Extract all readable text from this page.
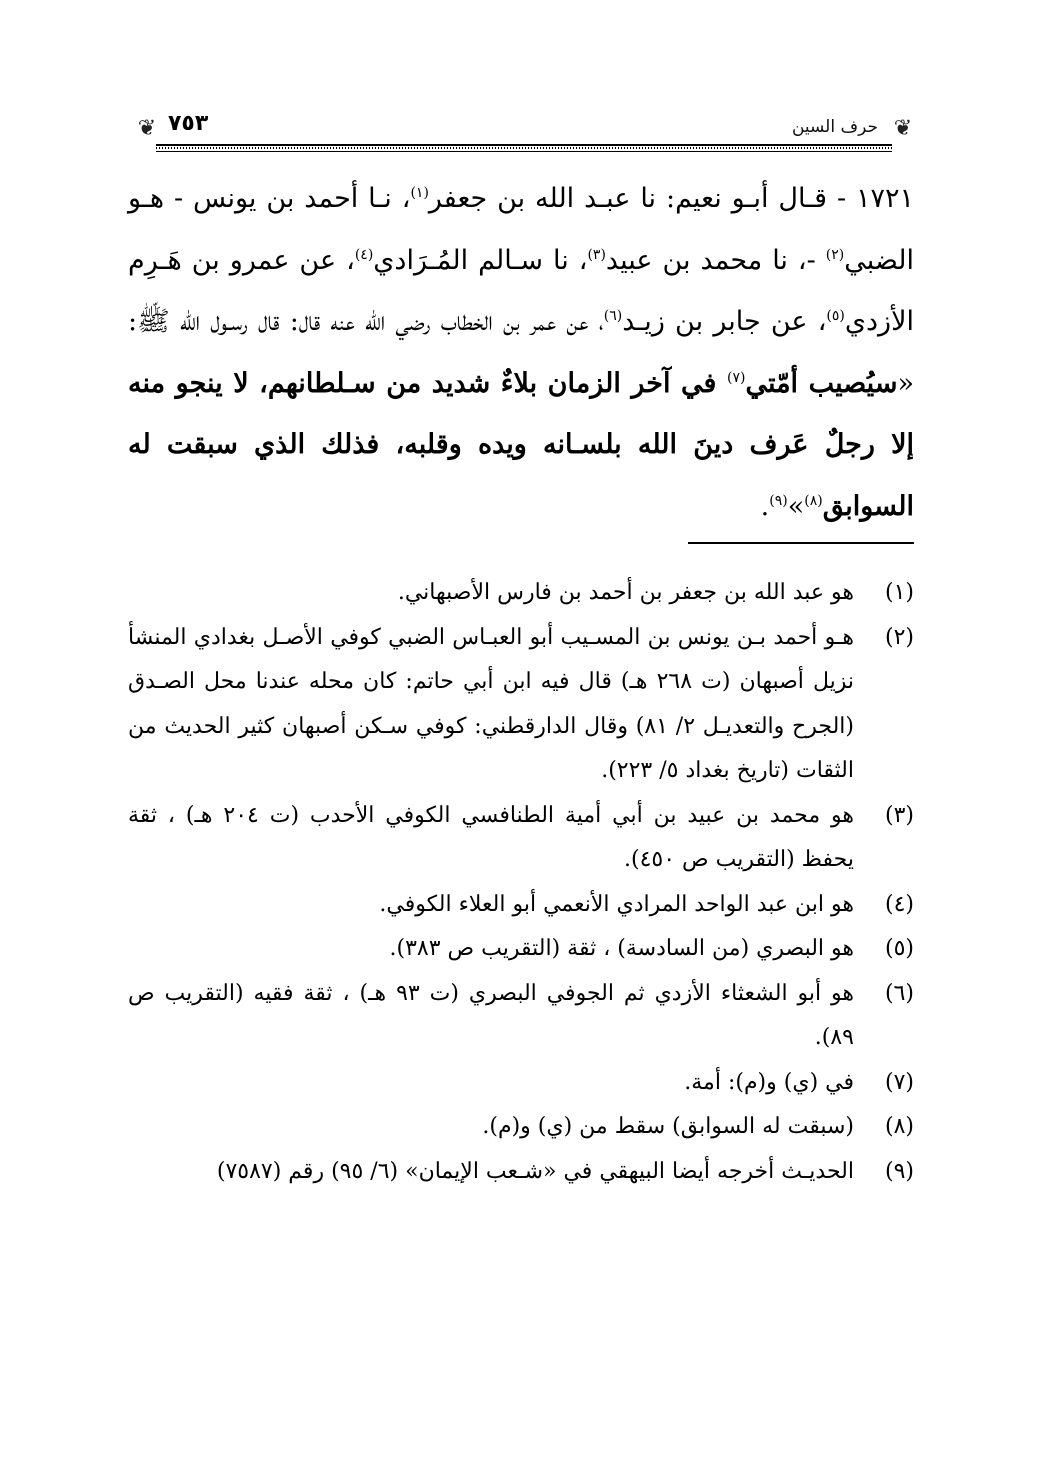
❦
حرف السين
٧٥٣
❦
١٧٢١ - قـال أبـو نعيم: نا عبـد الله بن جعفر$^{(١)}$، نـا أحمد بن يونس - هـو الضبي$^{(٢)}$ -، نا محمد بن عبيد$^{(٣)}$، نا سـالم المُـرَادي$^{(٤)}$، عن عمرو بن هَـرِم الأزدي$^{(٥)}$، عن جابر بن زيـد$^{(٦)}$، عن عمر بن الخطاب رضي الله عنه قال: قال رسـول الله ﷺ: «سيُصيب أمّتي$^{(٧)}$ في آخر الزمان بلاءٌ شديد من سـلطانهم، لا ينجو منه إلا رجلٌ عَرف دينَ الله بلسـانه ويده وقلبه، فذلك الذي سبقت له السوابق$^{(٨)}$»$^{(٩)}$.
(١)
هو عبد الله بن جعفر بن أحمد بن فارس الأصبهاني.
(٢)
هـو أحمد بـن يونس بن المسـيب أبو العبـاس الضبي كوفي الأصـل بغدادي المنشأ نزيل أصبهان (ت ٢٦٨ هـ) قال فيه ابن أبي حاتم: كان محله عندنا محل الصـدق (الجرح والتعديـل ٢/ ٨١) وقال الدارقطني: كوفي سـكن أصبهان كثير الحديث من الثقات (تاريخ بغداد ٥/ ٢٢٣).
(٣)
هو محمد بن عبيد بن أبي أمية الطنافسي الكوفي الأحدب (ت ٢٠٤ هـ) ، ثقة يحفظ (التقريب ص ٤٥٠).
(٤)
هو ابن عبد الواحد المرادي الأنعمي أبو العلاء الكوفي.
(٥)
هو البصري (من السادسة) ، ثقة (التقريب ص ٣٨٣).
(٦)
هو أبو الشعثاء الأزدي ثم الجوفي البصري (ت ٩٣ هـ) ، ثقة فقيه (التقريب ص ٨٩).
(٧)
في (ي) و(م): أمة.
(٨)
(سبقت له السوابق) سقط من (ي) و(م).
(٩)
الحديـث أخرجه أيضا البيهقي في «شـعب الإيمان» (٦/ ٩٥) رقم (٧٥٨٧)
